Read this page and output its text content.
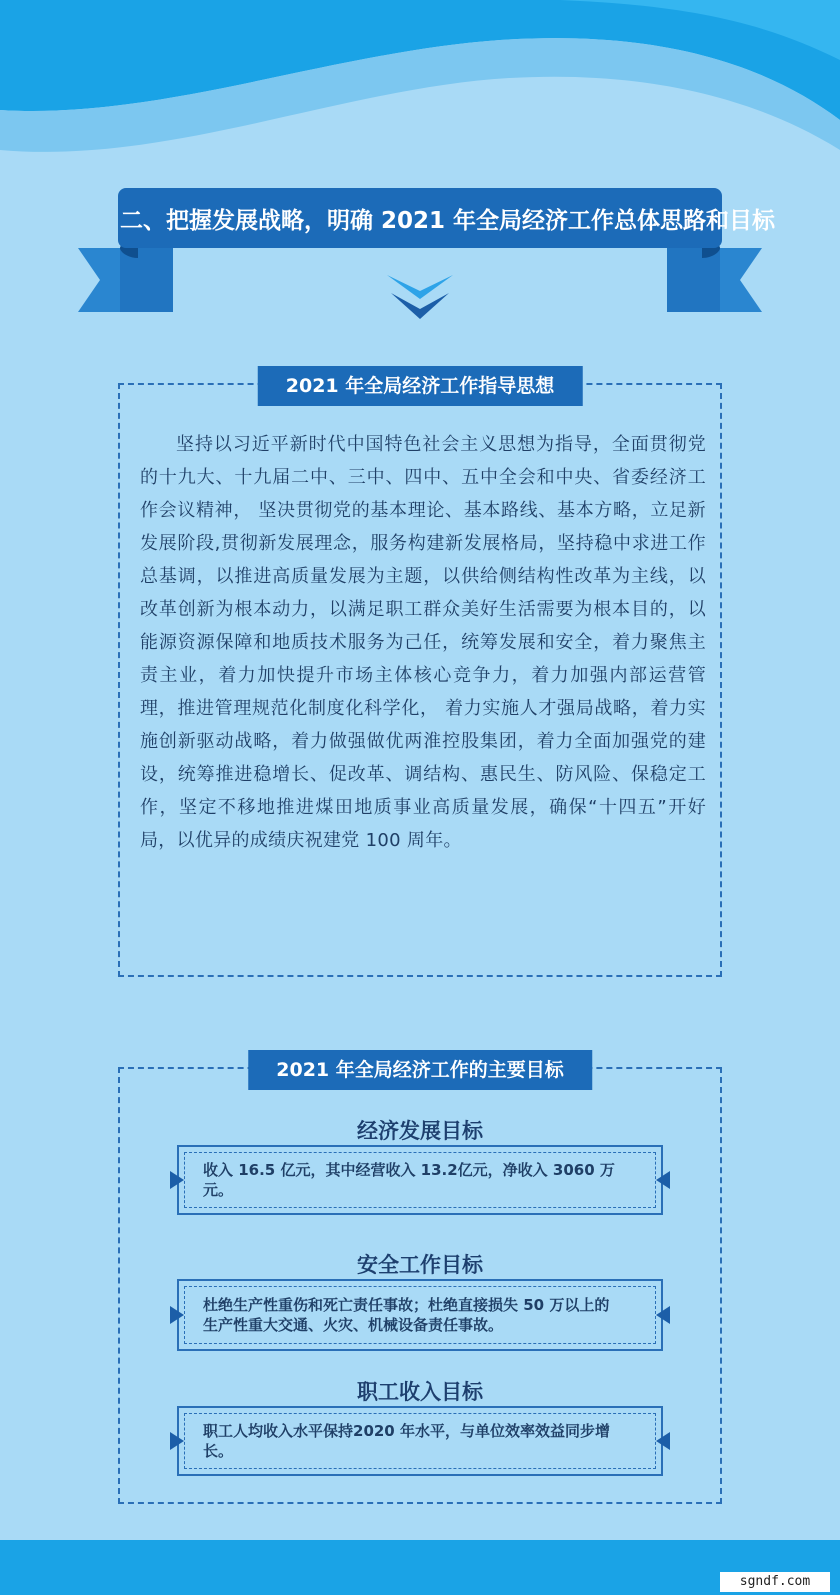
二、把握发展战略，明确 2021 年全局经济工作总体思路和目标
2021 年全局经济工作指导思想
坚持以习近平新时代中国特色社会主义思想为指导，全面贯彻党的十九大、十九届二中、三中、四中、五中全会和中央、省委经济工作会议精神， 坚决贯彻党的基本理论、基本路线、基本方略，立足新发展阶段,贯彻新发展理念，服务构建新发展格局，坚持稳中求进工作 总基调，以推进高质量发展为主题，以供给侧结构性改革为主线，以改革创新为根本动力，以满足职工群众美好生活需要为根本目的，以能源资源保障和地质技术服务为己任，统筹发展和安全，着力聚焦主责主业，着力加快提升市场主体核心竞争力，着力加强内部运营管理，推进管理规范化制度化科学化， 着力实施人才强局战略，着力实施创新驱动战略，着力做强做优两淮控股集团，着力全面加强党的建设，统筹推进稳增长、促改革、调结构、惠民生、防风险、保稳定工作，坚定不移地推进煤田地质事业高质量发展，确保“十四五”开好局，以优异的成绩庆祝建党 100 周年。
2021 年全局经济工作的主要目标
经济发展目标
收入 16.5 亿元，其中经营收入 13.2亿元，净收入 3060 万元。
安全工作目标
杜绝生产性重伤和死亡责任事故；杜绝直接损失 50 万以上的
生产性重大交通、火灾、机械设备责任事故。
职工收入目标
职工人均收入水平保持2020 年水平，与单位效率效益同步增长。
sgndf.com
